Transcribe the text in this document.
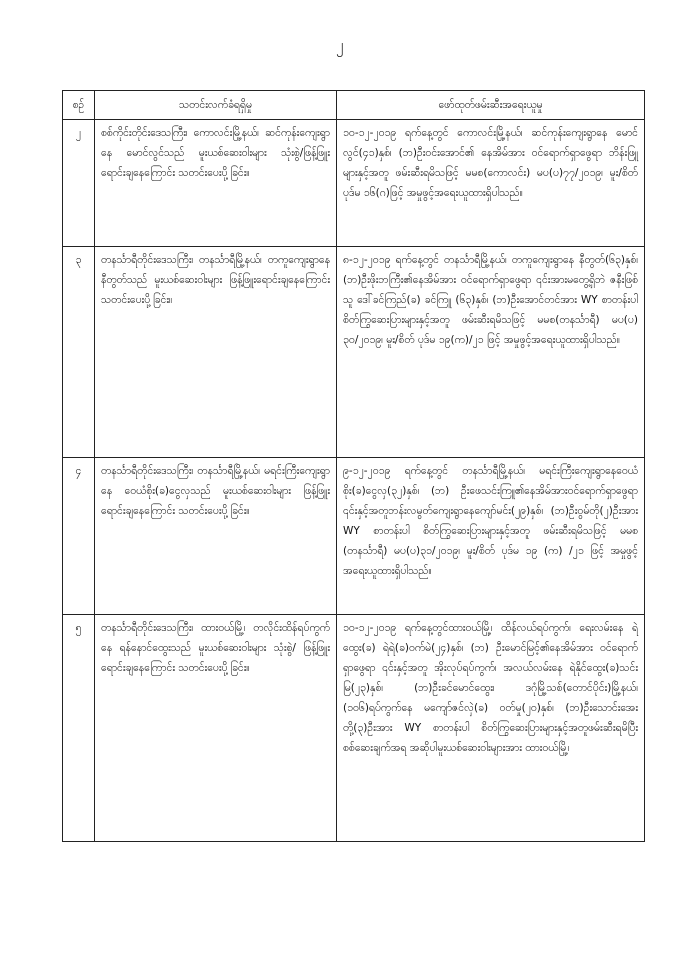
၂
စဉ်	သတင်းလက်ခံရရှိမှု	ဖော်ထုတ်ဖမ်းဆီးအရေးယူမှု
၂	စစ်ကိုင်းတိုင်းဒေသကြီး၊ ကောလင်းမြို့နယ်၊ ဆင်ကုန်းကျေးရွာနေ မောင်လွင်သည် မူးယစ်ဆေးဝါးများ သုံးစွဲ/ဖြန့်ဖြူး ရောင်းချနေကြောင်း သတင်းပေးပို့ခြင်း။	၁၀-၁၂-၂၀၁၉ ရက်နေ့တွင် ကောလင်းမြို့နယ်၊ ဆင်ကုန်းကျေးရွာနေ မောင်လွင်(၄၁)နှစ်၊ (ဘ)ဦးဝင်းအောင်၏ နေအိမ်အား ဝင်ရောက်ရှာဖွေရာ ဘိန်းဖြူများနှင့်အတူ ဖမ်းဆီးရမိသဖြင့် မမစ(ကောလင်း) မပ(ပ)၇၇/၂၀၁၉၊ မူး/စိတ် ပုဒ်မ ၁၆(ဂ)ဖြင့် အမှုဖွင့်အရေးယူထားရှိပါသည်။
၃	တနင်္သာရီတိုင်းဒေသကြီး၊ တနင်္သာရီမြို့နယ်၊ တကူကျေးရွာနေ နီတွတ်သည် မူးယစ်ဆေးဝါးများ ဖြန့်ဖြူးရောင်းချနေကြောင်း သတင်းပေးပို့ခြင်း။	၈-၁၂-၂၀၁၉ ရက်နေ့တွင် တနင်္သာရီမြို့နယ်၊ တကူကျေးရွာနေ နီတွတ်(၆၃)နှစ်၊ (ဘ)ဦးဖိုးဘကြီး၏နေအိမ်အား ဝင်ရောက်ရှာဖွေရာ ၎င်းအားမတွေ့ရှိဘဲ ဇနီးဖြစ်သူ ဒေါ်ခင်ကြည်(ခ) ခင်ကြူ (၆၃)နှစ်၊ (ဘ)ဦးအောင်တင်အား WY စာတန်းပါ စိတ်ကြွဆေးပြားများနှင့်အတူ ဖမ်းဆီးရမိသဖြင့် မမစ(တနင်္သာရီ) မပ(ပ) ၃၀/၂၀၁၉၊ မူး/စိတ် ပုဒ်မ ၁၉(က)/၂၁ ဖြင့် အမှုဖွင့်အရေးယူထားရှိပါသည်။
၄	တနင်္သာရီတိုင်းဒေသကြီး၊ တနင်္သာရီမြို့နယ်၊ မရင်းကြီးကျေးရွာနေ ဝေယံစိုး(ခ)ငွေလှသည် မူးယစ်ဆေးဝါးများ ဖြန့်ဖြူးရောင်းချနေကြောင်း သတင်းပေးပို့ခြင်း။	၉-၁၂-၂၀၁၉ ရက်နေ့တွင် တနင်္သာရီမြို့နယ်၊ မရင်းကြီးကျေးရွာနေဝေယံစိုး(ခ)ငွေလှ(၃၂)နှစ်၊ (ဘ) ဦးဖေသင်းကြူ၏နေအိမ်အားဝင်ရောက်ရှာဖွေရာ ၎င်းနှင့်အတူဘန်းလမွတ်ကျေးရွာနေကျော်မင်း(၂၉)နှစ်၊ (ဘ)ဦးဝွမ်တို(၂)ဦးအား WY စာတန်းပါ စိတ်ကြွဆေးပြားများနှင့်အတူ ဖမ်းဆီးရမိသဖြင့် မမစ (တနင်္သာရီ) မပ(ပ)၃၁/၂၀၁၉၊ မူး/စိတ် ပုဒ်မ ၁၉ (က) /၂၁ ဖြင့် အမှုဖွင့်အရေးယူထားရှိပါသည်။
၅	တနင်္သာရီတိုင်းဒေသကြီး၊ ထားဝယ်မြို့၊ တလိုင်းထိန်ရပ်ကွက်နေ ရန်နောင်ထွေးသည် မူးယစ်ဆေးဝါးများ သုံးစွဲ/ ဖြန့်ဖြူးရောင်းချနေကြောင်း သတင်းပေးပို့ခြင်း။	၁၀-၁၂-၂၀၁၉ ရက်နေ့တွင်ထားဝယ်မြို့၊ ထိန်လယ်ရပ်ကွက်၊ ရေးလမ်းနေ ရဲထွေး(ခ) ရဲရဲ(ခ)ဝက်မဲ(၂၄)နှစ်၊ (ဘ) ဦးမောင်မြင့်၏နေအိမ်အား ဝင်ရောက်ရှာဖွေရာ ၎င်းနှင့်အတူ အိုးလုပ်ရပ်ကွက်၊ အလယ်လမ်းနေ ရဲနိုင်ထွေး(ခ)သင်းမြ(၂၃)နှစ်၊ (ဘ)ဦးခင်မောင်ထွေး၊ ဒဂုံမြို့သစ်(တောင်ပိုင်း)မြို့နယ်၊ (၁၀၆)ရပ်ကွက်နေ မကျော်ဇင်လှဲ(ခ) ဝတ်မှု(၂၀)နှစ်၊ (ဘ)ဦးသောင်းအေးတို့(၃)ဦးအား WY စာတန်းပါ စိတ်ကြွဆေးပြားများနှင့်အတူဖမ်းဆီးရမိပြီး စစ်ဆေးချက်အရ အဆိုပါမူးယစ်ဆေးဝါးများအား ထားဝယ်မြို့၊
